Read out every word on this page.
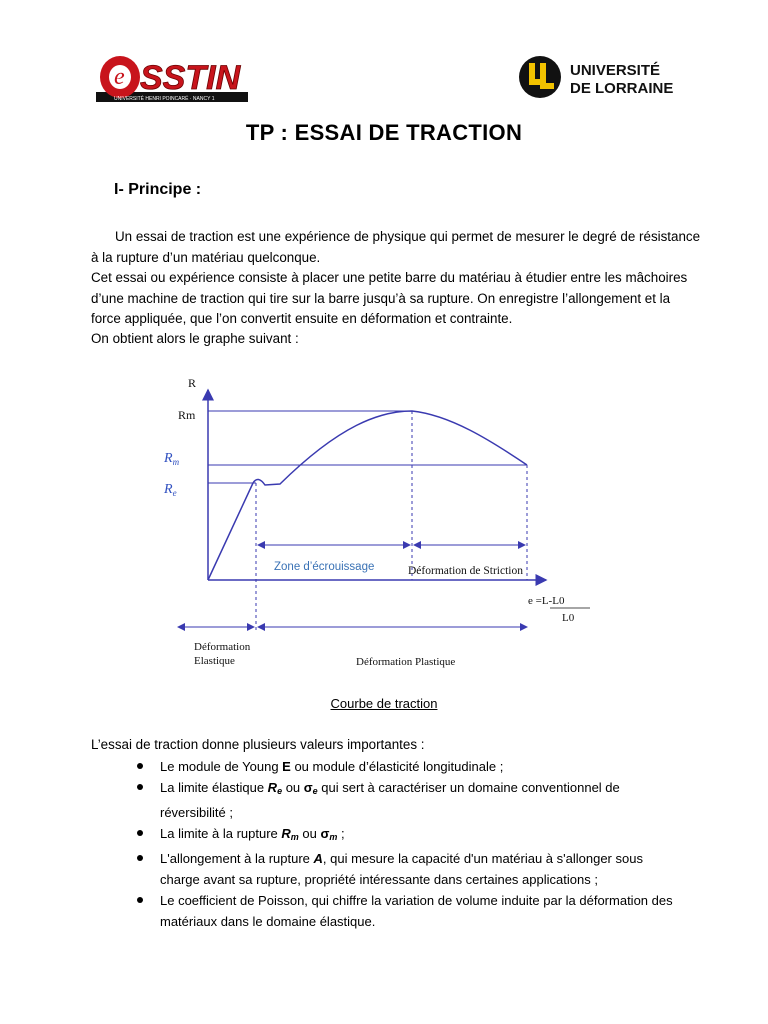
e SSTIN
UNIVERSITÉ HENRI POINCARÉ · NANCY 1
UNIVERSITÉ
DE LORRAINE
TP : ESSAI DE TRACTION
I- Principe :
Un essai de traction est une expérience de physique qui permet de mesurer le degré de résistance à la rupture d’un matériau quelconque.
Cet essai ou expérience consiste à placer une petite barre du matériau à étudier entre les mâchoires d’une machine de traction qui tire sur la barre jusqu’à sa rupture. On enregistre l’allongement et la force appliquée, que l’on convertit ensuite en déformation et contrainte.
On obtient alors le graphe suivant :
R
Rm
$R_m$
$R_e$
Zone d’écrouissage	Déformation de Striction
e =L-L0
L0
Déformation
Elastique	Déformation Plastique
Courbe de traction
L’essai de traction donne plusieurs valeurs importantes :
Le module de Young E ou module d’élasticité longitudinale ;
La limite élastique $R_e$ ou $\sigma_e$ qui sert à caractériser un domaine conventionnel de réversibilité ;
La limite à la rupture $R_m$ ou $\sigma_m$ ;
L'allongement à la rupture A, qui mesure la capacité d'un matériau à s'allonger sous charge avant sa rupture, propriété intéressante dans certaines applications ;
Le coefficient de Poisson, qui chiffre la variation de volume induite par la déformation des matériaux dans le domaine élastique.
